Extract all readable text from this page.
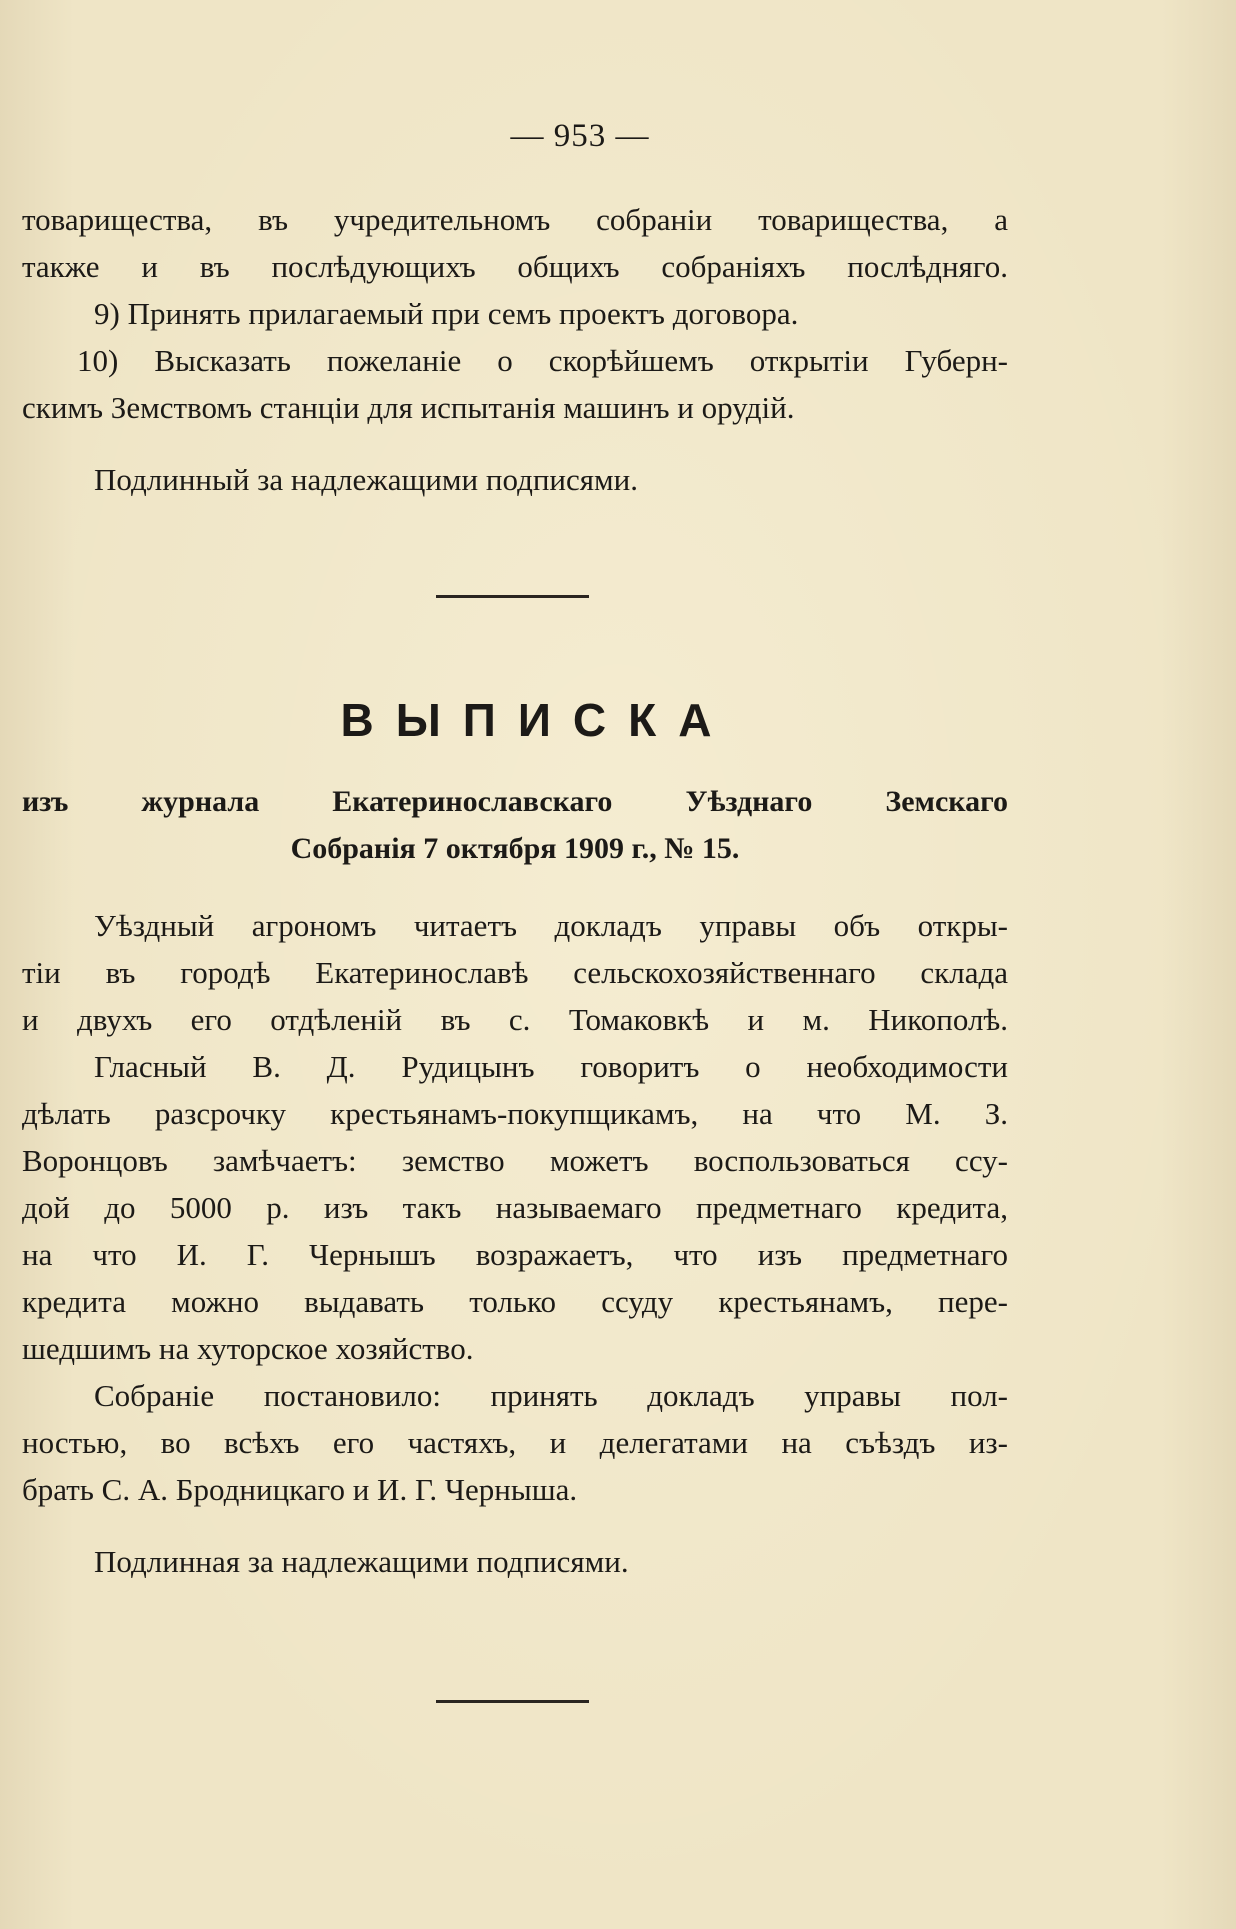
— 953 —
товарищества, въ учредительномъ собраніи товарищества, а
также и въ послѣдующихъ общихъ собраніяхъ послѣдняго.
9) Принять прилагаемый при семъ проектъ договора.
10) Высказать пожеланіе о скорѣйшемъ открытіи Губерн-
скимъ Земствомъ станціи для испытанія машинъ и орудій.
Подлинный за надлежащими подписями.
ВЫПИСКА
изъ журнала Екатеринославскаго Уѣзднаго Земскаго
Собранія 7 октября 1909 г., № 15.
Уѣздный агрономъ читаетъ докладъ управы объ откры-
тіи въ городѣ Екатеринославѣ сельскохозяйственнаго склада
и двухъ его отдѣленій въ с. Томаковкѣ и м. Никополѣ.
Гласный В. Д. Рудицынъ говоритъ о необходимости
дѣлать разсрочку крестьянамъ-покупщикамъ, на что М. З.
Воронцовъ замѣчаетъ: земство можетъ воспользоваться ссу-
дой до 5000 р. изъ такъ называемаго предметнаго кредита,
на что И. Г. Чернышъ возражаетъ, что изъ предметнаго
кредита можно выдавать только ссуду крестьянамъ, пере-
шедшимъ на хуторское хозяйство.
Собраніе постановило: принять докладъ управы пол-
ностью, во всѣхъ его частяхъ, и делегатами на съѣздъ из-
брать С. А. Бродницкаго и И. Г. Черныша.
Подлинная за надлежащими подписями.
